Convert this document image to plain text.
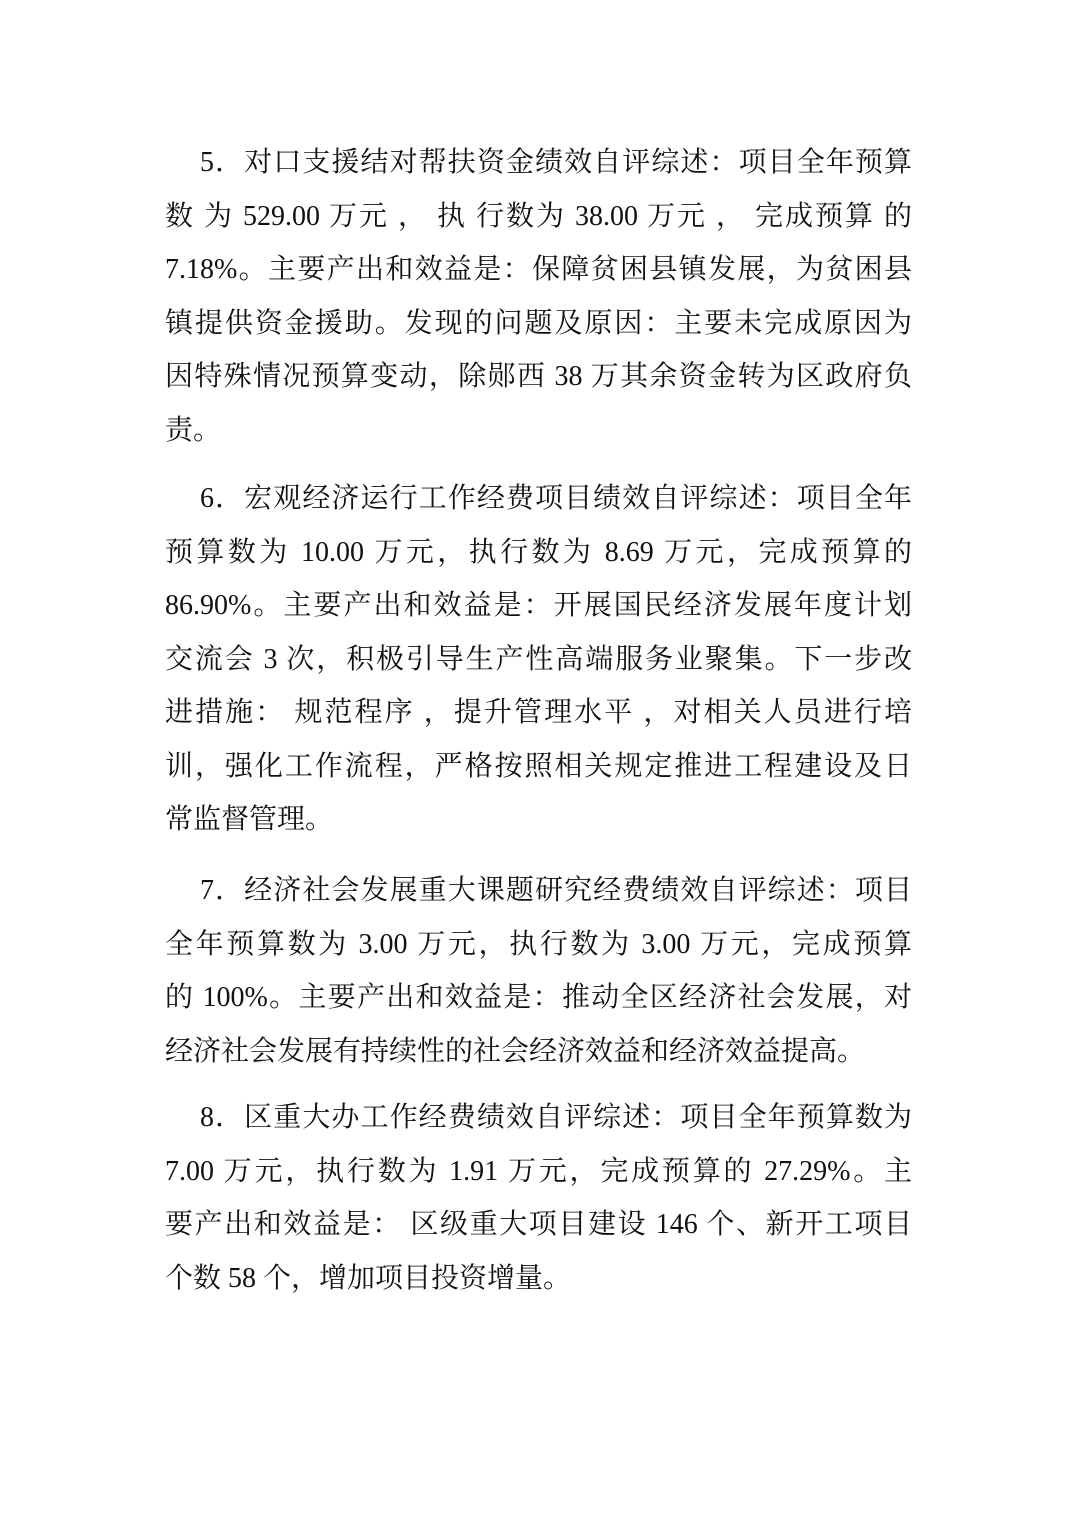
5．对口支援结对帮扶资金绩效自评综述：项目全年预算
数 为 529.00 万元 ， 执 行数为 38.00 万元 ， 完成预算 的
7.18%。主要产出和效益是：保障贫困县镇发展，为贫困县
镇提供资金援助。发现的问题及原因：主要未完成原因为
因特殊情况预算变动，除郧西 38 万其余资金转为区政府负
责。
6．宏观经济运行工作经费项目绩效自评综述：项目全年
预算数为 10.00 万元，执行数为 8.69 万元，完成预算的
86.90%。主要产出和效益是：开展国民经济发展年度计划
交流会 3 次，积极引导生产性高端服务业聚集。下一步改
进措施： 规范程序 ，提升管理水平 ，对相关人员进行培
训，强化工作流程，严格按照相关规定推进工程建设及日
常监督管理。
7．经济社会发展重大课题研究经费绩效自评综述：项目
全年预算数为 3.00 万元，执行数为 3.00 万元，完成预算
的 100%。主要产出和效益是：推动全区经济社会发展，对
经济社会发展有持续性的社会经济效益和经济效益提高。
8．区重大办工作经费绩效自评综述：项目全年预算数为
7.00 万元，执行数为 1.91 万元，完成预算的 27.29%。主
要产出和效益是： 区级重大项目建设 146 个、新开工项目
个数 58 个，增加项目投资增量。
